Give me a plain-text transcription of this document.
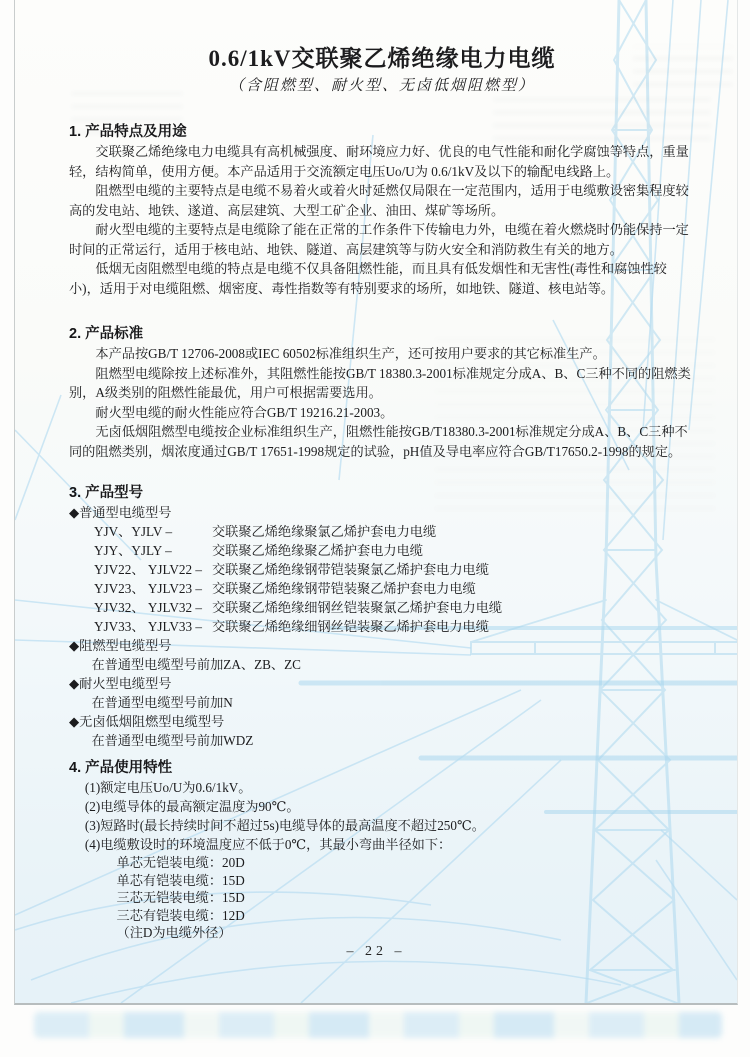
0.6/1kV交联聚乙烯绝缘电力电缆

（含阻燃型、耐火型、无卤低烟阻燃型）

1. 产品特点及用途

交联聚乙烯绝缘电力电缆具有高机械强度、耐环境应力好、优良的电气性能和耐化学腐蚀等特点，重量轻，结构简单，使用方便。本产品适用于交流额定电压Uo/U为 0.6/1kV及以下的输配电线路上。

阻燃型电缆的主要特点是电缆不易着火或着火时延燃仅局限在一定范围内，适用于电缆敷设密集程度较高的发电站、地铁、遂道、高层建筑、大型工矿企业、油田、煤矿等场所。

耐火型电缆的主要特点是电缆除了能在正常的工作条件下传输电力外，电缆在着火燃烧时仍能保持一定时间的正常运行，适用于核电站、地铁、隧道、高层建筑等与防火安全和消防救生有关的地方。

低烟无卤阻燃型电缆的特点是电缆不仅具备阻燃性能，而且具有低发烟性和无害性(毒性和腐蚀性较小)，适用于对电缆阻燃、烟密度、毒性指数等有特别要求的场所，如地铁、隧道、核电站等。

2. 产品标准

本产品按GB/T 12706-2008或IEC 60502标准组织生产，还可按用户要求的其它标准生产。

阻燃型电缆除按上述标准外，其阻燃性能按GB/T 18380.3-2001标准规定分成A、B、C三种不同的阻燃类别，A级类别的阻燃性能最优，用户可根据需要选用。

耐火型电缆的耐火性能应符合GB/T 19216.21-2003。

无卤低烟阻燃型电缆按企业标准组织生产，阻燃性能按GB/T18380.3-2001标准规定分成A、B、C三种不同的阻燃类别，烟浓度通过GB/T 17651-1998规定的试验，pH值及导电率应符合GB/T17650.2-1998的规定。

3. 产品型号

◆普通型电缆型号

YJV、YJLV –	交联聚乙烯绝缘聚氯乙烯护套电力电缆
YJY、YJLY –	交联聚乙烯绝缘聚乙烯护套电力电缆
YJV22、 YJLV22 – 交联聚乙烯绝缘钢带铠装聚氯乙烯护套电力电缆
YJV23、 YJLV23 – 交联聚乙烯绝缘钢带铠装聚乙烯护套电力电缆
YJV32、 YJLV32 – 交联聚乙烯绝缘细钢丝铠装聚氯乙烯护套电力电缆
YJV33、 YJLV33 – 交联聚乙烯绝缘细钢丝铠装聚乙烯护套电力电缆

◆阻燃型电缆型号

在普通型电缆型号前加ZA、ZB、ZC

◆耐火型电缆型号

在普通型电缆型号前加N

◆无卤低烟阻燃型电缆型号

在普通型电缆型号前加WDZ

4. 产品使用特性

(1)额定电压Uo/U为0.6/1kV。

(2)电缆导体的最高额定温度为90℃。

(3)短路时(最长持续时间不超过5s)电缆导体的最高温度不超过250℃。

(4)电缆敷设时的环境温度应不低于0℃，其最小弯曲半径如下：

单芯无铠装电缆：20D

单芯有铠装电缆：15D

三芯无铠装电缆：15D

三芯有铠装电缆：12D

（注D为电缆外径）

– 22 –
